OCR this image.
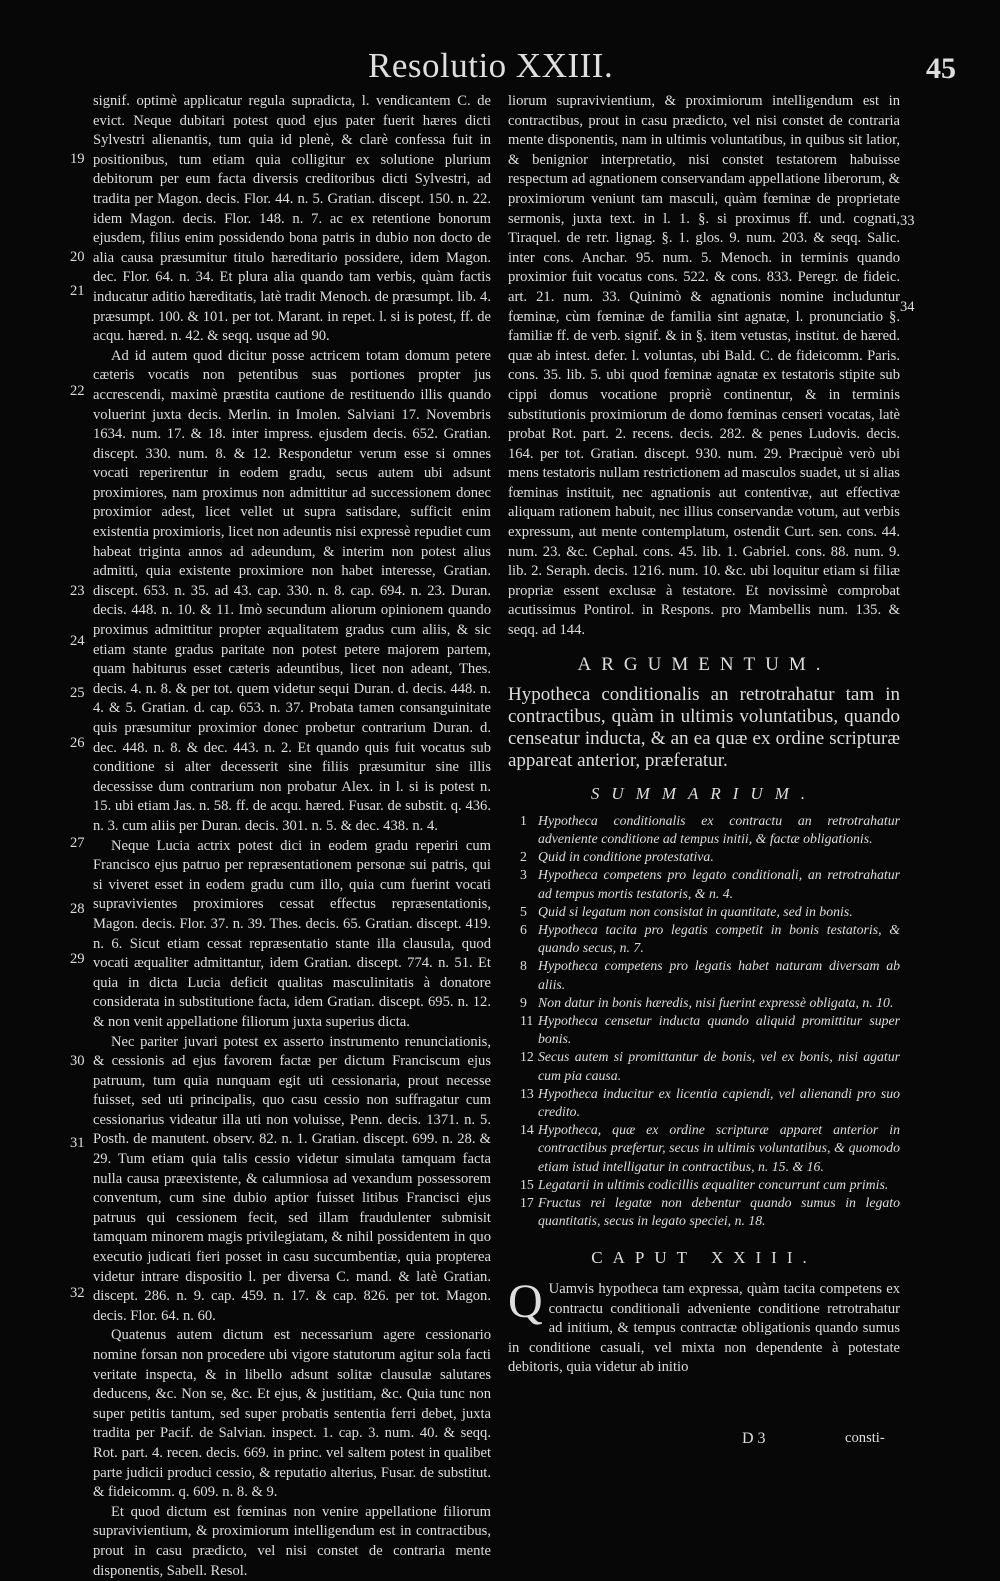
Resolutio XXIII.	45
19
20
21
22
23
24
25
26
27
28
29
30
31
32
33
34

signif. optimè applicatur regula supradicta, l. vendicantem C. de evict. Neque dubitari potest quod ejus pater fuerit hæres dicti Sylvestri alienantis, tum quia id plenè, & clarè confessa fuit in positionibus, tum etiam quia colligitur ex solutione plurium debitorum per eum facta diversis creditoribus dicti Sylvestri, ad tradita per Magon. decis. Flor. 44. n. 5. Gratian. discept. 150. n. 22. idem Magon. decis. Flor. 148. n. 7. ac ex retentione bonorum ejusdem, filius enim possidendo bona patris in dubio non docto de alia causa præsumitur titulo hæreditario possidere, idem Magon. dec. Flor. 64. n. 34. Et plura alia quando tam verbis, quàm factis inducatur aditio hæreditatis, latè tradit Menoch. de præsumpt. lib. 4. præsumpt. 100. & 101. per tot. Marant. in repet. l. si is potest, ff. de acqu. hæred. n. 42. & seqq. usque ad 90.

Ad id autem quod dicitur posse actricem totam domum petere cæteris vocatis non petentibus suas portiones propter jus accrescendi, maximè præstita cautione de restituendo illis quando voluerint juxta decis. Merlin. in Imolen. Salviani 17. Novembris 1634. num. 17. & 18. inter impress. ejusdem decis. 652. Gratian. discept. 330. num. 8. & 12. Respondetur verum esse si omnes vocati reperirentur in eodem gradu, secus autem ubi adsunt proximiores, nam proximus non admittitur ad successionem donec proximior adest, licet vellet ut supra satisdare, sufficit enim existentia proximioris, licet non adeuntis nisi expressè repudiet cum habeat triginta annos ad adeundum, & interim non potest alius admitti, quia existente proximiore non habet interesse, Gratian. discept. 653. n. 35. ad 43. cap. 330. n. 8. cap. 694. n. 23. Duran. decis. 448. n. 10. & 11. Imò secundum aliorum opinionem quando proximus admittitur propter æqualitatem gradus cum aliis, & sic etiam stante gradus paritate non potest petere majorem partem, quam habiturus esset cæteris adeuntibus, licet non adeant, Thes. decis. 4. n. 8. & per tot. quem videtur sequi Duran. d. decis. 448. n. 4. & 5. Gratian. d. cap. 653. n. 37. Probata tamen consanguinitate quis præsumitur proximior donec probetur contrarium Duran. d. dec. 448. n. 8. & dec. 443. n. 2. Et quando quis fuit vocatus sub conditione si alter decesserit sine filiis præsumitur sine illis decessisse dum contrarium non probatur Alex. in l. si is potest n. 15. ubi etiam Jas. n. 58. ff. de acqu. hæred. Fusar. de substit. q. 436. n. 3. cum aliis per Duran. decis. 301. n. 5. & dec. 438. n. 4.

Neque Lucia actrix potest dici in eodem gradu reperiri cum Francisco ejus patruo per repræsentationem personæ sui patris, qui si viveret esset in eodem gradu cum illo, quia cum fuerint vocati supravivientes proximiores cessat effectus repræsentationis, Magon. decis. Flor. 37. n. 39. Thes. decis. 65. Gratian. discept. 419. n. 6. Sicut etiam cessat repræsentatio stante illa clausula, quod vocati æqualiter admittantur, idem Gratian. discept. 774. n. 51. Et quia in dicta Lucia deficit qualitas masculinitatis à donatore considerata in substitutione facta, idem Gratian. discept. 695. n. 12. & non venit appellatione filiorum juxta superius dicta.

Nec pariter juvari potest ex asserto instrumento renunciationis, & cessionis ad ejus favorem factæ per dictum Franciscum ejus patruum, tum quia nunquam egit uti cessionaria, prout necesse fuisset, sed uti principalis, quo casu cessio non suffragatur cum cessionarius videatur illa uti non voluisse, Penn. decis. 1371. n. 5. Posth. de manutent. observ. 82. n. 1. Gratian. discept. 699. n. 28. & 29. Tum etiam quia talis cessio videtur simulata tamquam facta nulla causa præexistente, & calumniosa ad vexandum possessorem conventum, cum sine dubio aptior fuisset litibus Francisci ejus patruus qui cessionem fecit, sed illam fraudulenter submisit tamquam minorem magis privilegiatam, & nihil possidentem in quo executio judicati fieri posset in casu succumbentiæ, quia propterea videtur intrare dispositio l. per diversa C. mand. & latè Gratian. discept. 286. n. 9. cap. 459. n. 17. & cap. 826. per tot. Magon. decis. Flor. 64. n. 60.

Quatenus autem dictum est necessarium agere cessionario nomine forsan non procedere ubi vigore statutorum agitur sola facti veritate inspecta, & in libello adsunt solitæ clausulæ salutares deducens, &c. Non se, &c. Et ejus, & justitiam, &c. Quia tunc non super petitis tantum, sed super probatis sententia ferri debet, juxta tradita per Pacif. de Salvian. inspect. 1. cap. 3. num. 40. & seqq. Rot. part. 4. recen. decis. 669. in princ. vel saltem potest in qualibet parte judicii produci cessio, & reputatio alterius, Fusar. de substitut. & fideicomm. q. 609. n. 8. & 9.

Et quod dictum est fœminas non venire appellatione filiorum supravivientium, & proximiorum intelligendum est in contractibus, prout in casu prædicto, vel nisi constet de contraria mente disponentis, Sabell. Resol.

liorum supravivientium, & proximiorum intelligendum est in contractibus, prout in casu prædicto, vel nisi constet de contraria mente disponentis, nam in ultimis voluntatibus, in quibus sit latior, & benignior interpretatio, nisi constet testatorem habuisse respectum ad agnationem conservandam appellatione liberorum, & proximiorum veniunt tam masculi, quàm fœminæ de proprietate sermonis, juxta text. in l. 1. §. si proximus ff. und. cognati, Tiraquel. de retr. lignag. §. 1. glos. 9. num. 203. & seqq. Salic. inter cons. Anchar. 95. num. 5. Menoch. in terminis quando proximior fuit vocatus cons. 522. & cons. 833. Peregr. de fideic. art. 21. num. 33. Quinimò & agnationis nomine includuntur fœminæ, cùm fœminæ de familia sint agnatæ, l. pronunciatio §. familiæ ff. de verb. signif. & in §. item vetustas, institut. de hæred. quæ ab intest. defer. l. voluntas, ubi Bald. C. de fideicomm. Paris. cons. 35. lib. 5. ubi quod fœminæ agnatæ ex testatoris stipite sub cippi domus vocatione propriè continentur, & in terminis substitutionis proximiorum de domo fœminas censeri vocatas, latè probat Rot. part. 2. recens. decis. 282. & penes Ludovis. decis. 164. per tot. Gratian. discept. 930. num. 29. Præcipuè verò ubi mens testatoris nullam restrictionem ad masculos suadet, ut si alias fœminas instituit, nec agnationis aut contentivæ, aut effectivæ aliquam rationem habuit, nec illius conservandæ votum, aut verbis expressum, aut mente contemplatum, ostendit Curt. sen. cons. 44. num. 23. &c. Cephal. cons. 45. lib. 1. Gabriel. cons. 88. num. 9. lib. 2. Seraph. decis. 1216. num. 10. &c. ubi loquitur etiam si filiæ propriæ essent exclusæ à testatore. Et novissimè comprobat acutissimus Pontirol. in Respons. pro Mambellis num. 135. & seqq. ad 144.

ARGUMENTUM.

Hypotheca conditionalis an retrotrahatur tam in contractibus, quàm in ultimis voluntatibus, quando censeatur inducta, & an ea quæ ex ordine scripturæ appareat anterior, præferatur.

SUMMARIUM.
1 Hypotheca conditionalis ex contractu an retrotrahatur adveniente conditione ad tempus initii, & factæ obligationis.
2 Quid in conditione protestativa.
3 Hypotheca competens pro legato conditionali, an retrotrahatur ad tempus mortis testatoris, & n. 4.
5 Quid si legatum non consistat in quantitate, sed in bonis.
6 Hypotheca tacita pro legatis competit in bonis testatoris, & quando secus, n. 7.
8 Hypotheca competens pro legatis habet naturam diversam ab aliis.
9 Non datur in bonis hæredis, nisi fuerint expressè obligata, n. 10.
11 Hypotheca censetur inducta quando aliquid promittitur super bonis.
12 Secus autem si promittantur de bonis, vel ex bonis, nisi agatur cum pia causa.
13 Hypotheca inducitur ex licentia capiendi, vel alienandi pro suo credito.
14 Hypotheca, quæ ex ordine scripturæ apparet anterior in contractibus præfertur, secus in ultimis voluntatibus, & quomodo etiam istud intelligatur in contractibus, n. 15. & 16.
15 Legatarii in ultimis codicillis æqualiter concurrunt cum primis.
17 Fructus rei legatæ non debentur quando sumus in legato quantitatis, secus in legato speciei, n. 18.
CAPUT XXIII.

Q Uamvis hypotheca tam expressa, quàm tacita competens ex contractu conditionali adveniente conditione retrotrahatur ad initium, & tempus contractæ obligationis quando sumus in conditione casuali, vel mixta non dependente à potestate debitoris, quia videtur ab initio

D 3	consti-
